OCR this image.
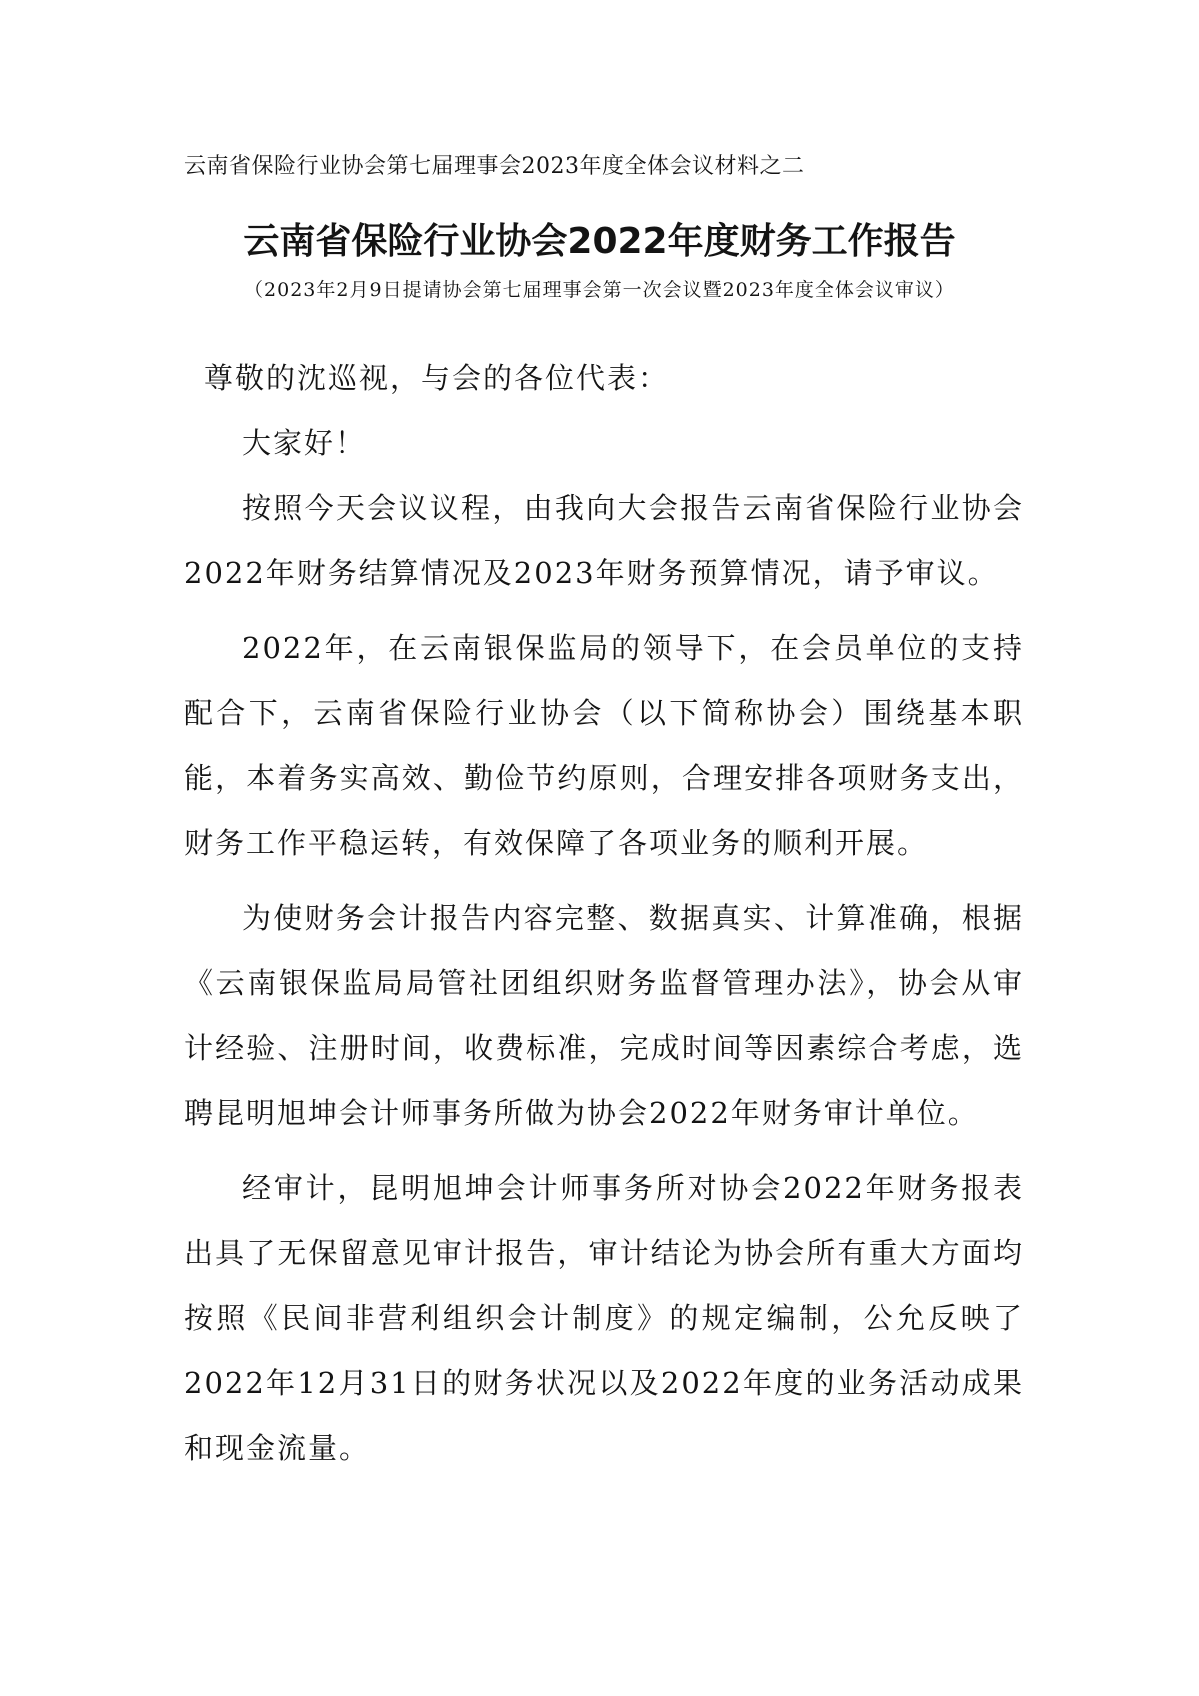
云南省保险行业协会第七届理事会2023年度全体会议材料之二
云南省保险行业协会2022年度财务工作报告
（2023年2月9日提请协会第七届理事会第一次会议暨2023年度全体会议审议）

尊敬的沈巡视，与会的各位代表：

大家好！

按照今天会议议程，由我向大会报告云南省保险行业协会2022年财务结算情况及2023年财务预算情况，请予审议。

2022年，在云南银保监局的领导下，在会员单位的支持配合下，云南省保险行业协会（以下简称协会）围绕基本职能，本着务实高效、勤俭节约原则，合理安排各项财务支出，财务工作平稳运转，有效保障了各项业务的顺利开展。

为使财务会计报告内容完整、数据真实、计算准确，根据《云南银保监局局管社团组织财务监督管理办法》，协会从审计经验、注册时间，收费标准，完成时间等因素综合考虑，选聘昆明旭坤会计师事务所做为协会2022年财务审计单位。

经审计，昆明旭坤会计师事务所对协会2022年财务报表出具了无保留意见审计报告，审计结论为协会所有重大方面均按照《民间非营利组织会计制度》的规定编制，公允反映了2022年12月31日的财务状况以及2022年度的业务活动成果和现金流量。
